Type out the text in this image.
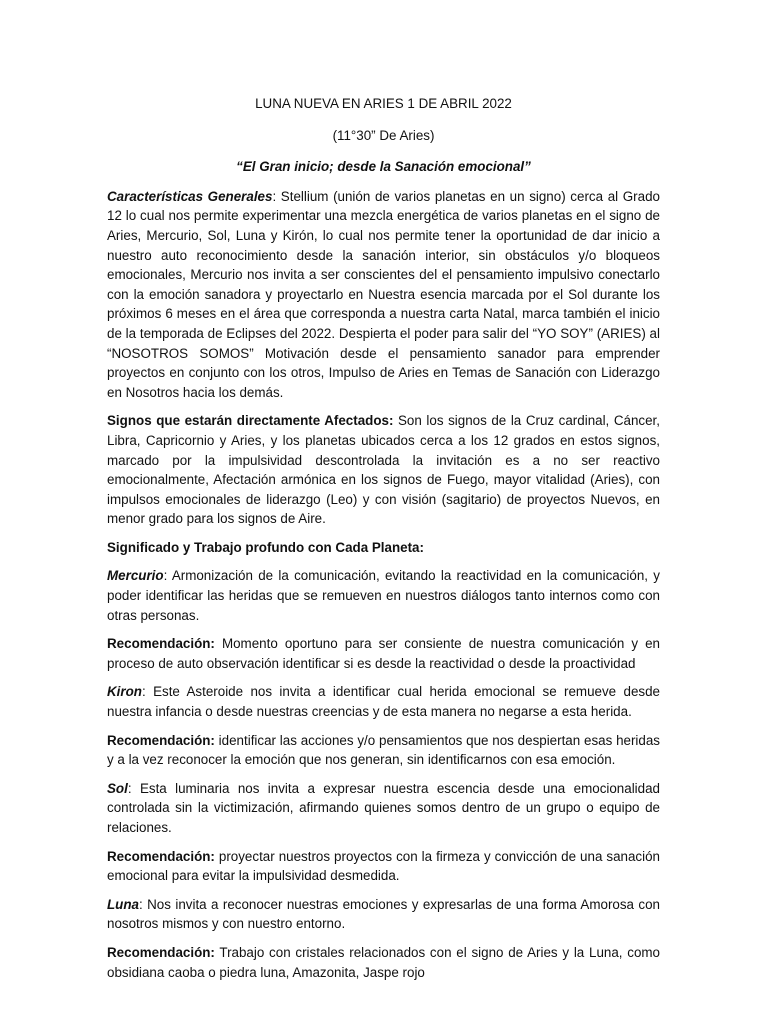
LUNA NUEVA EN ARIES 1 DE ABRIL 2022
(11°30” De Aries)
“El Gran inicio; desde la Sanación emocional”

Características Generales: Stellium (unión de varios planetas en un signo) cerca al Grado 12 lo cual nos permite experimentar una mezcla energética de varios planetas en el signo de Aries, Mercurio, Sol, Luna y Kirón, lo cual nos permite tener la oportunidad de dar inicio a nuestro auto reconocimiento desde la sanación interior, sin obstáculos y/o bloqueos emocionales, Mercurio nos invita a ser conscientes del el pensamiento impulsivo conectarlo con la emoción sanadora y proyectarlo en Nuestra esencia marcada por el Sol durante los próximos 6 meses en el área que corresponda a nuestra carta Natal, marca también el inicio de la temporada de Eclipses del 2022. Despierta el poder para salir del “YO SOY” (ARIES) al “NOSOTROS SOMOS” Motivación desde el pensamiento sanador para emprender proyectos en conjunto con los otros, Impulso de Aries en Temas de Sanación con Liderazgo en Nosotros hacia los demás.

Signos que estarán directamente Afectados: Son los signos de la Cruz cardinal, Cáncer, Libra, Capricornio y Aries, y los planetas ubicados cerca a los 12 grados en estos signos, marcado por la impulsividad descontrolada la invitación es a no ser reactivo emocionalmente, Afectación armónica en los signos de Fuego, mayor vitalidad (Aries), con impulsos emocionales de liderazgo (Leo) y con visión (sagitario) de proyectos Nuevos, en menor grado para los signos de Aire.

Significado y Trabajo profundo con Cada Planeta:

Mercurio: Armonización de la comunicación, evitando la reactividad en la comunicación, y poder identificar las heridas que se remueven en nuestros diálogos tanto internos como con otras personas.

Recomendación: Momento oportuno para ser consiente de nuestra comunicación y en proceso de auto observación identificar si es desde la reactividad o desde la proactividad

Kiron: Este Asteroide nos invita a identificar cual herida emocional se remueve desde nuestra infancia o desde nuestras creencias y de esta manera no negarse a esta herida.

Recomendación: identificar las acciones y/o pensamientos que nos despiertan esas heridas y a la vez reconocer la emoción que nos generan, sin identificarnos con esa emoción.

Sol: Esta luminaria nos invita a expresar nuestra escencia desde una emocionalidad controlada sin la victimización, afirmando quienes somos dentro de un grupo o equipo de relaciones.

Recomendación: proyectar nuestros proyectos con la firmeza y convicción de una sanación emocional para evitar la impulsividad desmedida.

Luna: Nos invita a reconocer nuestras emociones y expresarlas de una forma Amorosa con nosotros mismos y con nuestro entorno.

Recomendación: Trabajo con cristales relacionados con el signo de Aries y la Luna, como obsidiana caoba o piedra luna, Amazonita, Jaspe rojo
